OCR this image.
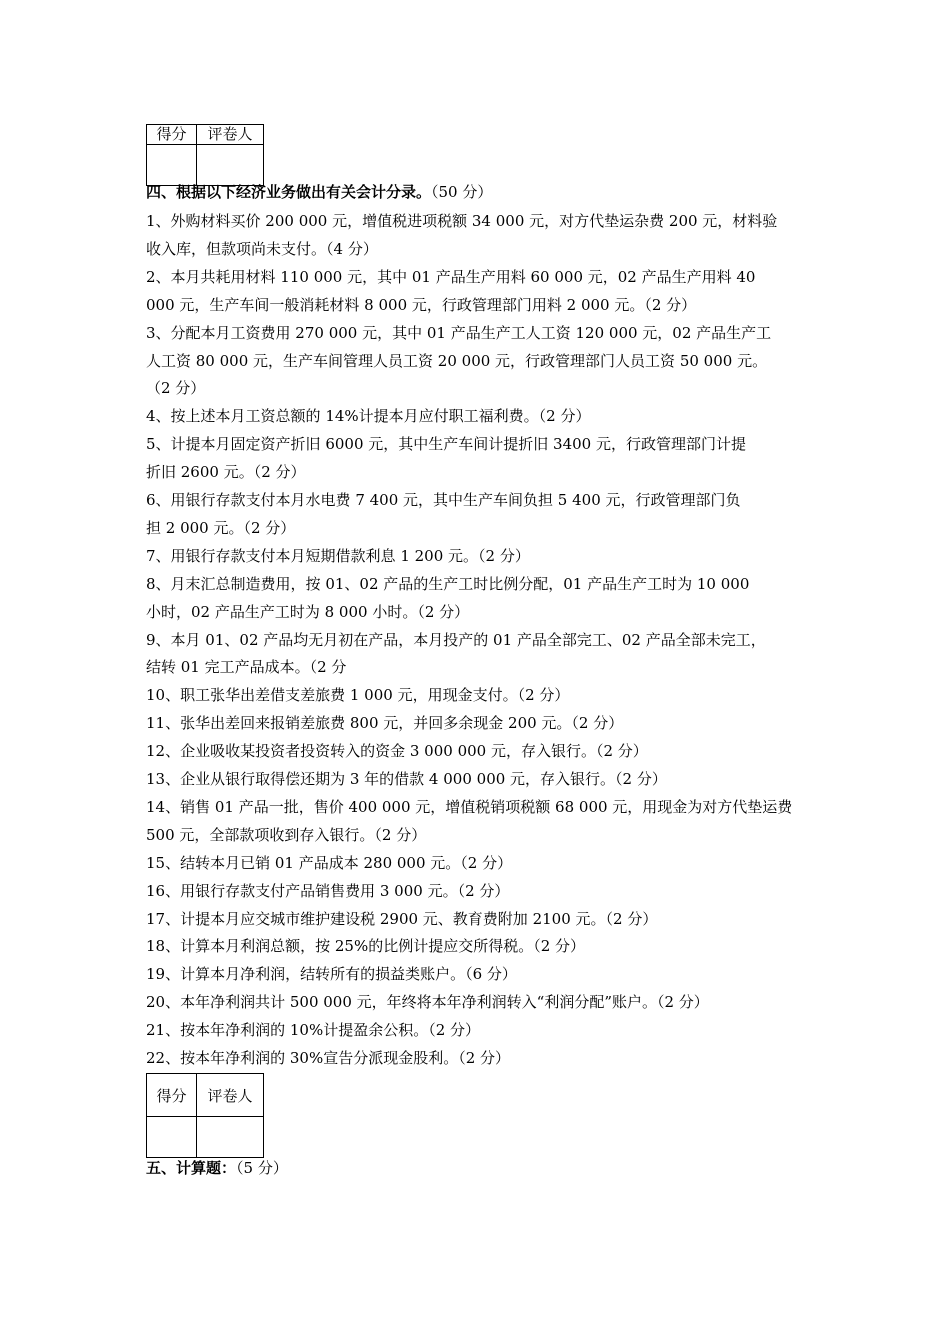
得分	评卷人

四、根据以下经济业务做出有关会计分录。（50 分）
1、外购材料买价 200 000 元，增值税进项税额 34 000 元，对方代垫运杂费 200 元，材料验
收入库，但款项尚未支付。（4 分）
2、本月共耗用材料 110 000 元，其中 01 产品生产用料 60 000 元，02 产品生产用料 40
000 元，生产车间一般消耗材料 8 000 元，行政管理部门用料 2 000 元。（2 分）
3、分配本月工资费用 270 000 元，其中 01 产品生产工人工资 120 000 元，02 产品生产工
人工资 80 000 元，生产车间管理人员工资 20 000 元，行政管理部门人员工资 50 000 元。
（2 分）
4、按上述本月工资总额的 14%计提本月应付职工福利费。（2 分）
5、计提本月固定资产折旧 6000 元，其中生产车间计提折旧 3400 元，行政管理部门计提
折旧 2600 元。（2 分）
6、用银行存款支付本月水电费 7 400 元，其中生产车间负担 5 400 元，行政管理部门负
担 2 000 元。（2 分）
7、用银行存款支付本月短期借款利息 1 200 元。（2 分）
8、月末汇总制造费用，按 01、02 产品的生产工时比例分配，01 产品生产工时为 10 000
小时，02 产品生产工时为 8 000 小时。（2 分）
9、本月 01、02 产品均无月初在产品，本月投产的 01 产品全部完工、02 产品全部未完工，
结转 01 完工产品成本。（2 分
10、职工张华出差借支差旅费 1 000 元，用现金支付。（2 分）
11、张华出差回来报销差旅费 800 元，并回多余现金 200 元。（2 分）
12、企业吸收某投资者投资转入的资金 3 000 000 元，存入银行。（2 分）
13、企业从银行取得偿还期为 3 年的借款 4 000 000 元，存入银行。（2 分）
14、销售 01 产品一批，售价 400 000 元，增值税销项税额 68 000 元，用现金为对方代垫运费
500 元，全部款项收到存入银行。（2 分）
15、结转本月已销 01 产品成本 280 000 元。（2 分）
16、用银行存款支付产品销售费用 3 000 元。（2 分）
17、计提本月应交城市维护建设税 2900 元、教育费附加 2100 元。（2 分）
18、计算本月利润总额，按 25%的比例计提应交所得税。（2 分）
19、计算本月净利润，结转所有的损益类账户。（6 分）
20、本年净利润共计 500 000 元，年终将本年净利润转入“利润分配”账户。（2 分）
21、按本年净利润的 10%计提盈余公积。（2 分）
22、按本年净利润的 30%宣告分派现金股利。（2 分）
得分	评卷人

五、计算题：（5 分）
